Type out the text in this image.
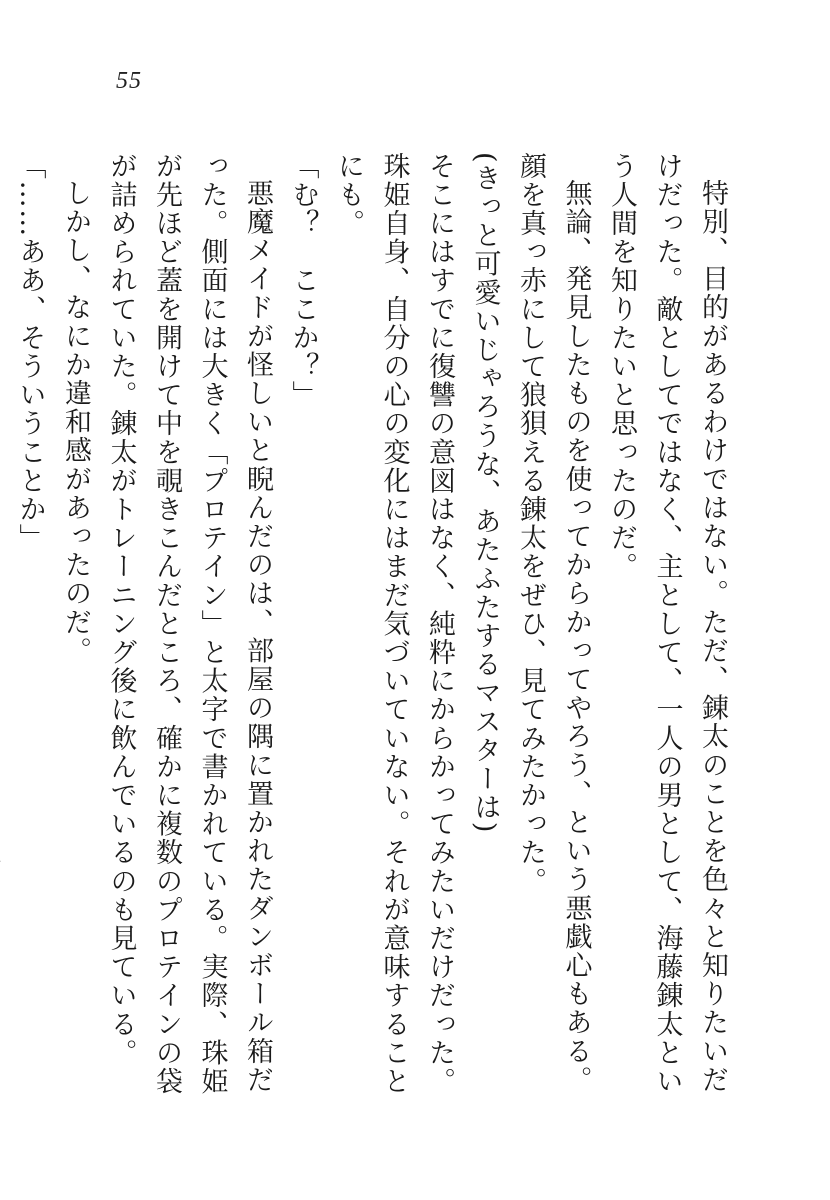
55

特別、目的があるわけではない。ただ、錬太のことを色々と知りたいだけだった。敵としてではなく、主として、一人の男として、海藤錬太という人間を知りたいと思ったのだ。

無論、発見したものを使ってからかってやろう、という悪戯心もある。顔を真っ赤にして狼狽える錬太をぜひ、見てみたかった。

(きっと可愛いじゃろうな、あたふたするマスターは)

そこにはすでに復讐の意図はなく、純粋にからかってみたいだけだった。

珠姫自身、自分の心の変化にはまだ気づいていない。それが意味することにも。

「む？　ここか？」

悪魔メイドが怪しいと睨んだのは、部屋の隅に置かれたダンボール箱だった。側面には大きく「プロテイン」と太字で書かれている。実際、珠姫が先ほど蓋を開けて中を覗きこんだところ、確かに複数のプロテインの袋が詰められていた。錬太がトレーニング後に飲んでいるのも見ている。

しかし、なにか違和感があったのだ。

「……ああ、そういうことか」
